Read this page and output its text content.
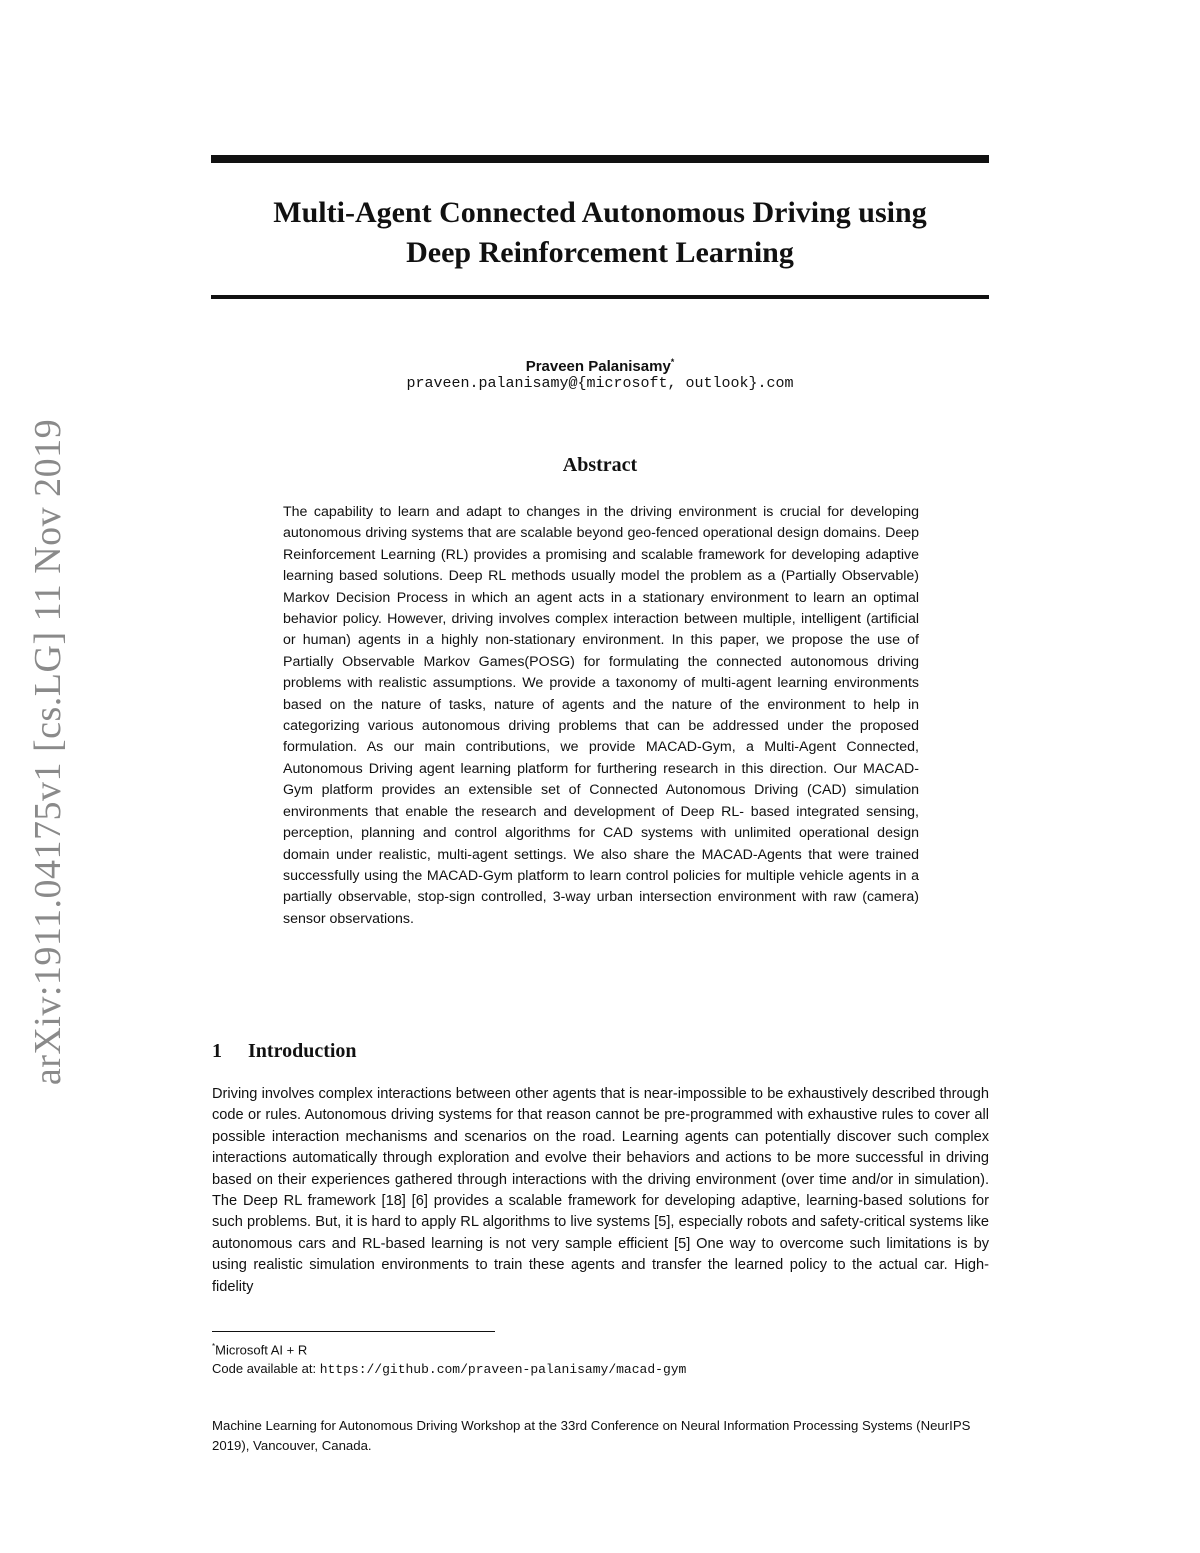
arXiv:1911.04175v1 [cs.LG] 11 Nov 2019
Multi-Agent Connected Autonomous Driving using
Deep Reinforcement Learning
Praveen Palanisamy*
praveen.palanisamy@{microsoft, outlook}.com
Abstract

The capability to learn and adapt to changes in the driving environment is crucial for developing autonomous driving systems that are scalable beyond geo-fenced operational design domains. Deep Reinforcement Learning (RL) provides a promising and scalable framework for developing adaptive learning based solutions. Deep RL methods usually model the problem as a (Partially Observable) Markov Decision Process in which an agent acts in a stationary environment to learn an optimal behavior policy. However, driving involves complex interaction between multiple, intelligent (artificial or human) agents in a highly non-stationary environment. In this paper, we propose the use of Partially Observable Markov Games(POSG) for formulating the connected autonomous driving problems with realistic assumptions. We provide a taxonomy of multi-agent learning environments based on the nature of tasks, nature of agents and the nature of the environment to help in categorizing various autonomous driving problems that can be addressed under the proposed formulation. As our main contributions, we provide MACAD-Gym, a Multi-Agent Connected, Autonomous Driving agent learning platform for furthering research in this direction. Our MACAD-Gym platform provides an extensible set of Connected Autonomous Driving (CAD) simulation environments that enable the research and development of Deep RL- based integrated sensing, perception, planning and control algorithms for CAD systems with unlimited operational design domain under realistic, multi-agent settings. We also share the MACAD-Agents that were trained successfully using the MACAD-Gym platform to learn control policies for multiple vehicle agents in a partially observable, stop-sign controlled, 3-way urban intersection environment with raw (camera) sensor observations.

1 Introduction

Driving involves complex interactions between other agents that is near-impossible to be exhaustively described through code or rules. Autonomous driving systems for that reason cannot be pre-programmed with exhaustive rules to cover all possible interaction mechanisms and scenarios on the road. Learning agents can potentially discover such complex interactions automatically through exploration and evolve their behaviors and actions to be more successful in driving based on their experiences gathered through interactions with the driving environment (over time and/or in simulation). The Deep RL framework [18] [6] provides a scalable framework for developing adaptive, learning-based solutions for such problems. But, it is hard to apply RL algorithms to live systems [5], especially robots and safety-critical systems like autonomous cars and RL-based learning is not very sample efficient [5] One way to overcome such limitations is by using realistic simulation environments to train these agents and transfer the learned policy to the actual car. High-fidelity

*Microsoft AI + R
Code available at: https://github.com/praveen-palanisamy/macad-gym
Machine Learning for Autonomous Driving Workshop at the 33rd Conference on Neural Information Processing Systems (NeurIPS 2019), Vancouver, Canada.
